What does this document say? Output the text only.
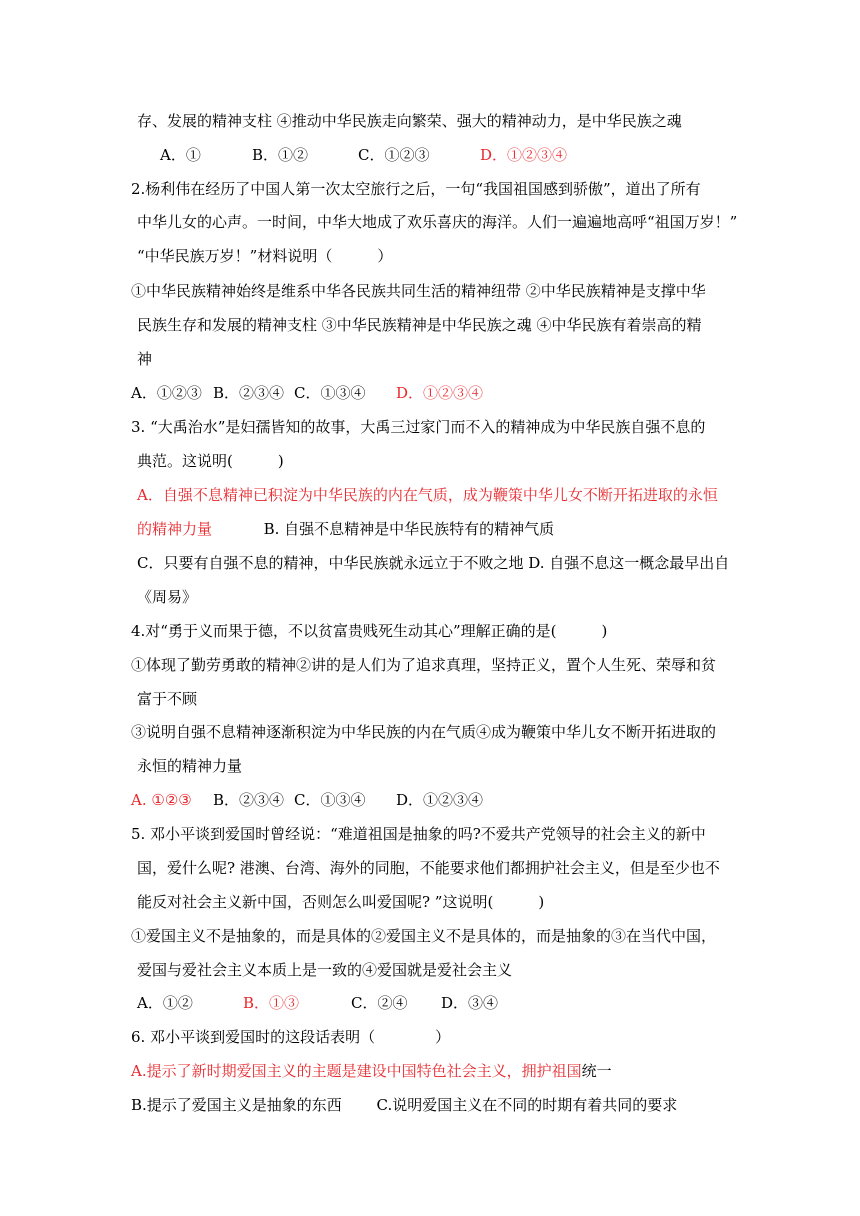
存、发展的精神支柱 ④推动中华民族走向繁荣、强大的精神动力，是中华民族之魂
A．①	B．①②	C．①②③	D．①②③④
2.杨利伟在经历了中国人第一次太空旅行之后，一句“我国祖国感到骄傲”，道出了所有
中华儿女的心声。一时间，中华大地成了欢乐喜庆的海洋。人们一遍遍地高呼“祖国万岁！”
“中华民族万岁！”材料说明（　　　）
①中华民族精神始终是维系中华各民族共同生活的精神纽带 ②中华民族精神是支撑中华
民族生存和发展的精神支柱 ③中华民族精神是中华民族之魂 ④中华民族有着崇高的精
神
A．①②③ B．②③④ C．①③④ D．①②③④
3. “大禹治水”是妇孺皆知的故事，大禹三过家门而不入的精神成为中华民族自强不息的
典范。这说明(　　　)
A．自强不息精神已积淀为中华民族的内在气质，成为鞭策中华儿女不断开拓进取的永恒
的精神力量	B. 自强不息精神是中华民族特有的精神气质
C．只要有自强不息的精神，中华民族就永远立于不败之地 D. 自强不息这一概念最早出自
《周易》
4.对“勇于义而果于德，不以贫富贵贱死生动其心”理解正确的是(　　　)
①体现了勤劳勇敢的精神②讲的是人们为了追求真理，坚持正义，置个人生死、荣辱和贫
富于不顾
③说明自强不息精神逐渐积淀为中华民族的内在气质④成为鞭策中华儿女不断开拓进取的
永恒的精神力量
A. ①②③ B．②③④ C．①③④ D．①②③④
5. 邓小平谈到爱国时曾经说：“难道祖国是抽象的吗?不爱共产党领导的社会主义的新中
国，爱什么呢? 港澳、台湾、海外的同胞，不能要求他们都拥护社会主义，但是至少也不
能反对社会主义新中国，否则怎么叫爱国呢? ”这说明(　　　)
①爱国主义不是抽象的，而是具体的②爱国主义不是具体的，而是抽象的③在当代中国，
爱国与爱社会主义本质上是一致的④爱国就是爱社会主义
A．①②	B．①③	C．②④ D．③④
6. 邓小平谈到爱国时的这段话表明（　　　　）
A.提示了新时期爱国主义的主题是建设中国特色社会主义，拥护祖国统一
B.提示了爱国主义是抽象的东西　　 C.说明爱国主义在不同的时期有着共同的要求
